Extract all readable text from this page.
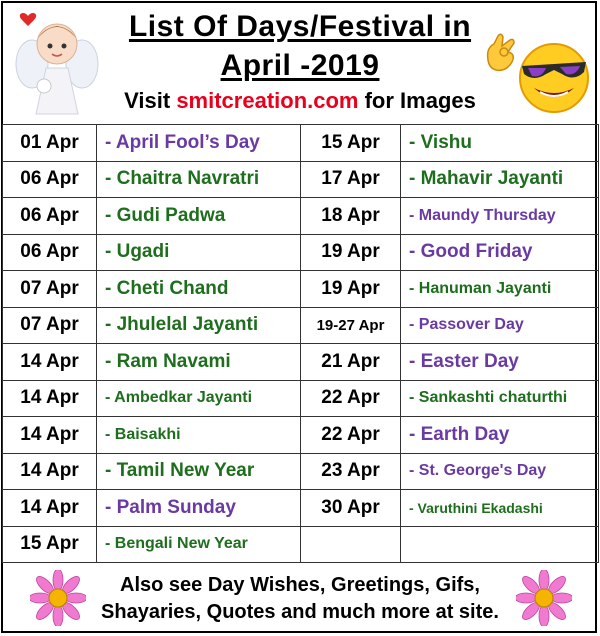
List Of Days/Festival in
April -2019
Visit smitcreation.com for Images
01 Apr	- April Fool’s Day	15 Apr	- Vishu
06 Apr	- Chaitra Navratri	17 Apr	- Mahavir Jayanti
06 Apr	- Gudi Padwa	18 Apr	- Maundy Thursday
06 Apr	- Ugadi	19 Apr	- Good Friday
07 Apr	- Cheti Chand	19 Apr	- Hanuman Jayanti
07 Apr	- Jhulelal Jayanti	19-27 Apr	- Passover Day
14 Apr	- Ram Navami	21 Apr	- Easter Day
14 Apr	- Ambedkar Jayanti	22 Apr	- Sankashti chaturthi
14 Apr	- Baisakhi	22 Apr	- Earth Day
14 Apr	- Tamil New Year	23 Apr	- St. George's Day
14 Apr	- Palm Sunday	30 Apr	- Varuthini Ekadashi
15 Apr	- Bengali New Year		
Also see Day Wishes, Greetings, Gifs,
Shayaries, Quotes and much more at site.
